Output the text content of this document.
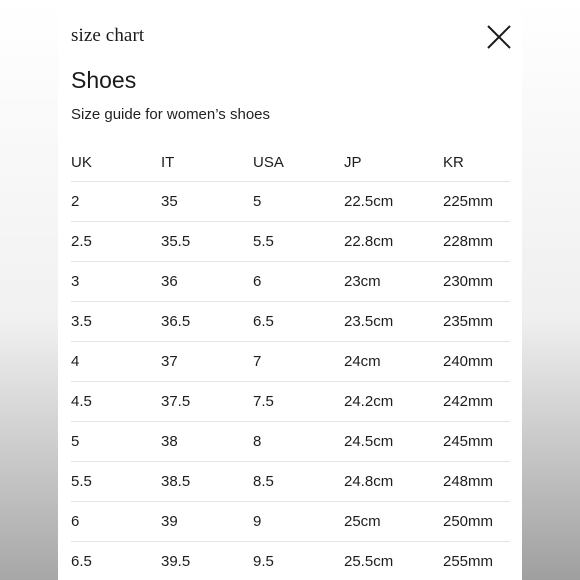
size chart
Shoes
Size guide for women’s shoes
UK	IT	USA	JP	KR
2	35	5	22.5cm	225mm
2.5	35.5	5.5	22.8cm	228mm
3	36	6	23cm	230mm
3.5	36.5	6.5	23.5cm	235mm
4	37	7	24cm	240mm
4.5	37.5	7.5	24.2cm	242mm
5	38	8	24.5cm	245mm
5.5	38.5	8.5	24.8cm	248mm
6	39	9	25cm	250mm
6.5	39.5	9.5	25.5cm	255mm
